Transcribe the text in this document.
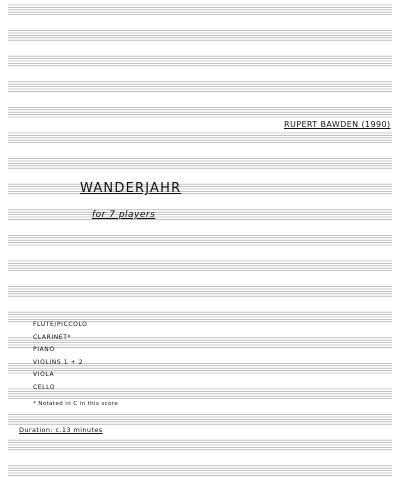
RUPERT BAWDEN (1990)
WANDERJAHR
for 7 players
FLUTE/PICCOLO
CLARINET*
PIANO
VIOLINS 1 + 2
VIOLA
CELLO
* Notated in C in this score
Duration: c.13 minutes
